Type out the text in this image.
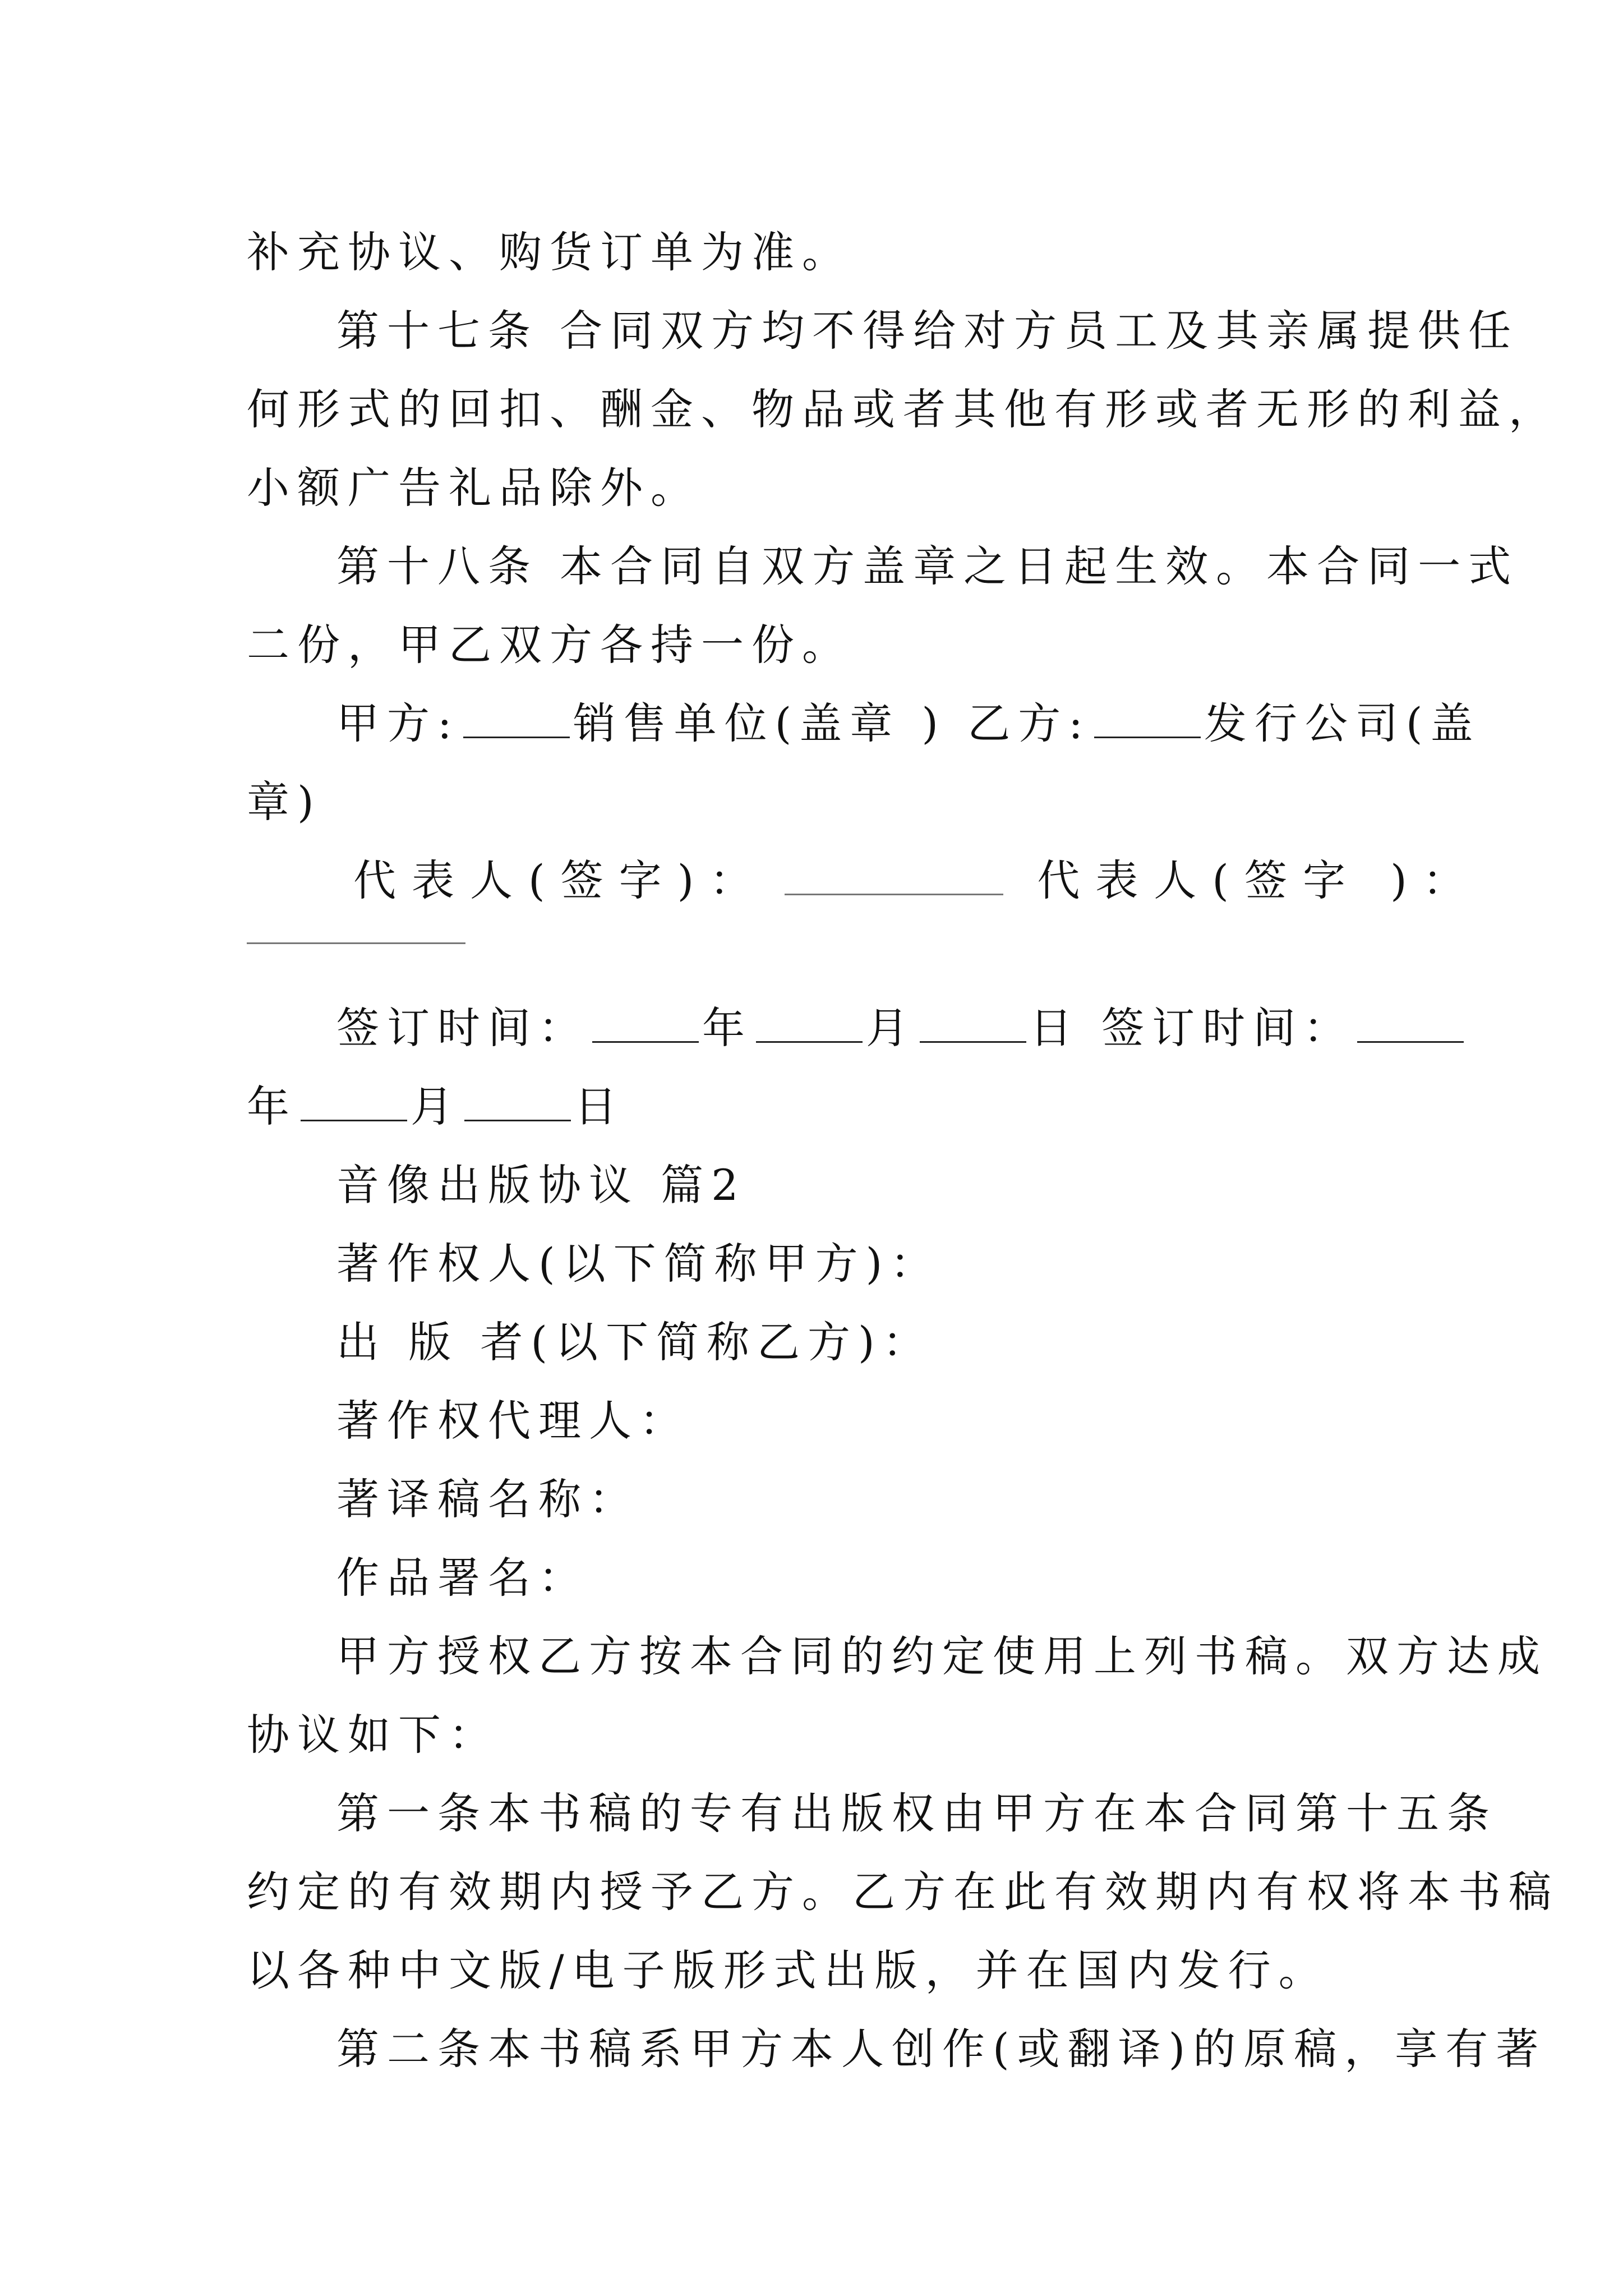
补充协议、购货订单为准。

第十七条 合同双方均不得给对方员工及其亲属提供任

何形式的回扣、酬金、物品或者其他有形或者无形的利益，

小额广告礼品除外。

第十八条 本合同自双方盖章之日起生效。本合同一式

二份，甲乙双方各持一份。

甲方:	销售单位(盖章 ) 乙方:	发行公司(盖

章)

代表人(签字)：	代表人(签字 )：

签订时间：	年	月	日 签订时间：

年	月	日

音像出版协议 篇2

著作权人(以下简称甲方)：

出 版 者(以下简称乙方)：

著作权代理人：

著译稿名称：

作品署名：

甲方授权乙方按本合同的约定使用上列书稿。双方达成

协议如下：

第一条本书稿的专有出版权由甲方在本合同第十五条

约定的有效期内授予乙方。乙方在此有效期内有权将本书稿

以各种中文版/电子版形式出版，并在国内发行。

第二条本书稿系甲方本人创作(或翻译)的原稿，享有著
